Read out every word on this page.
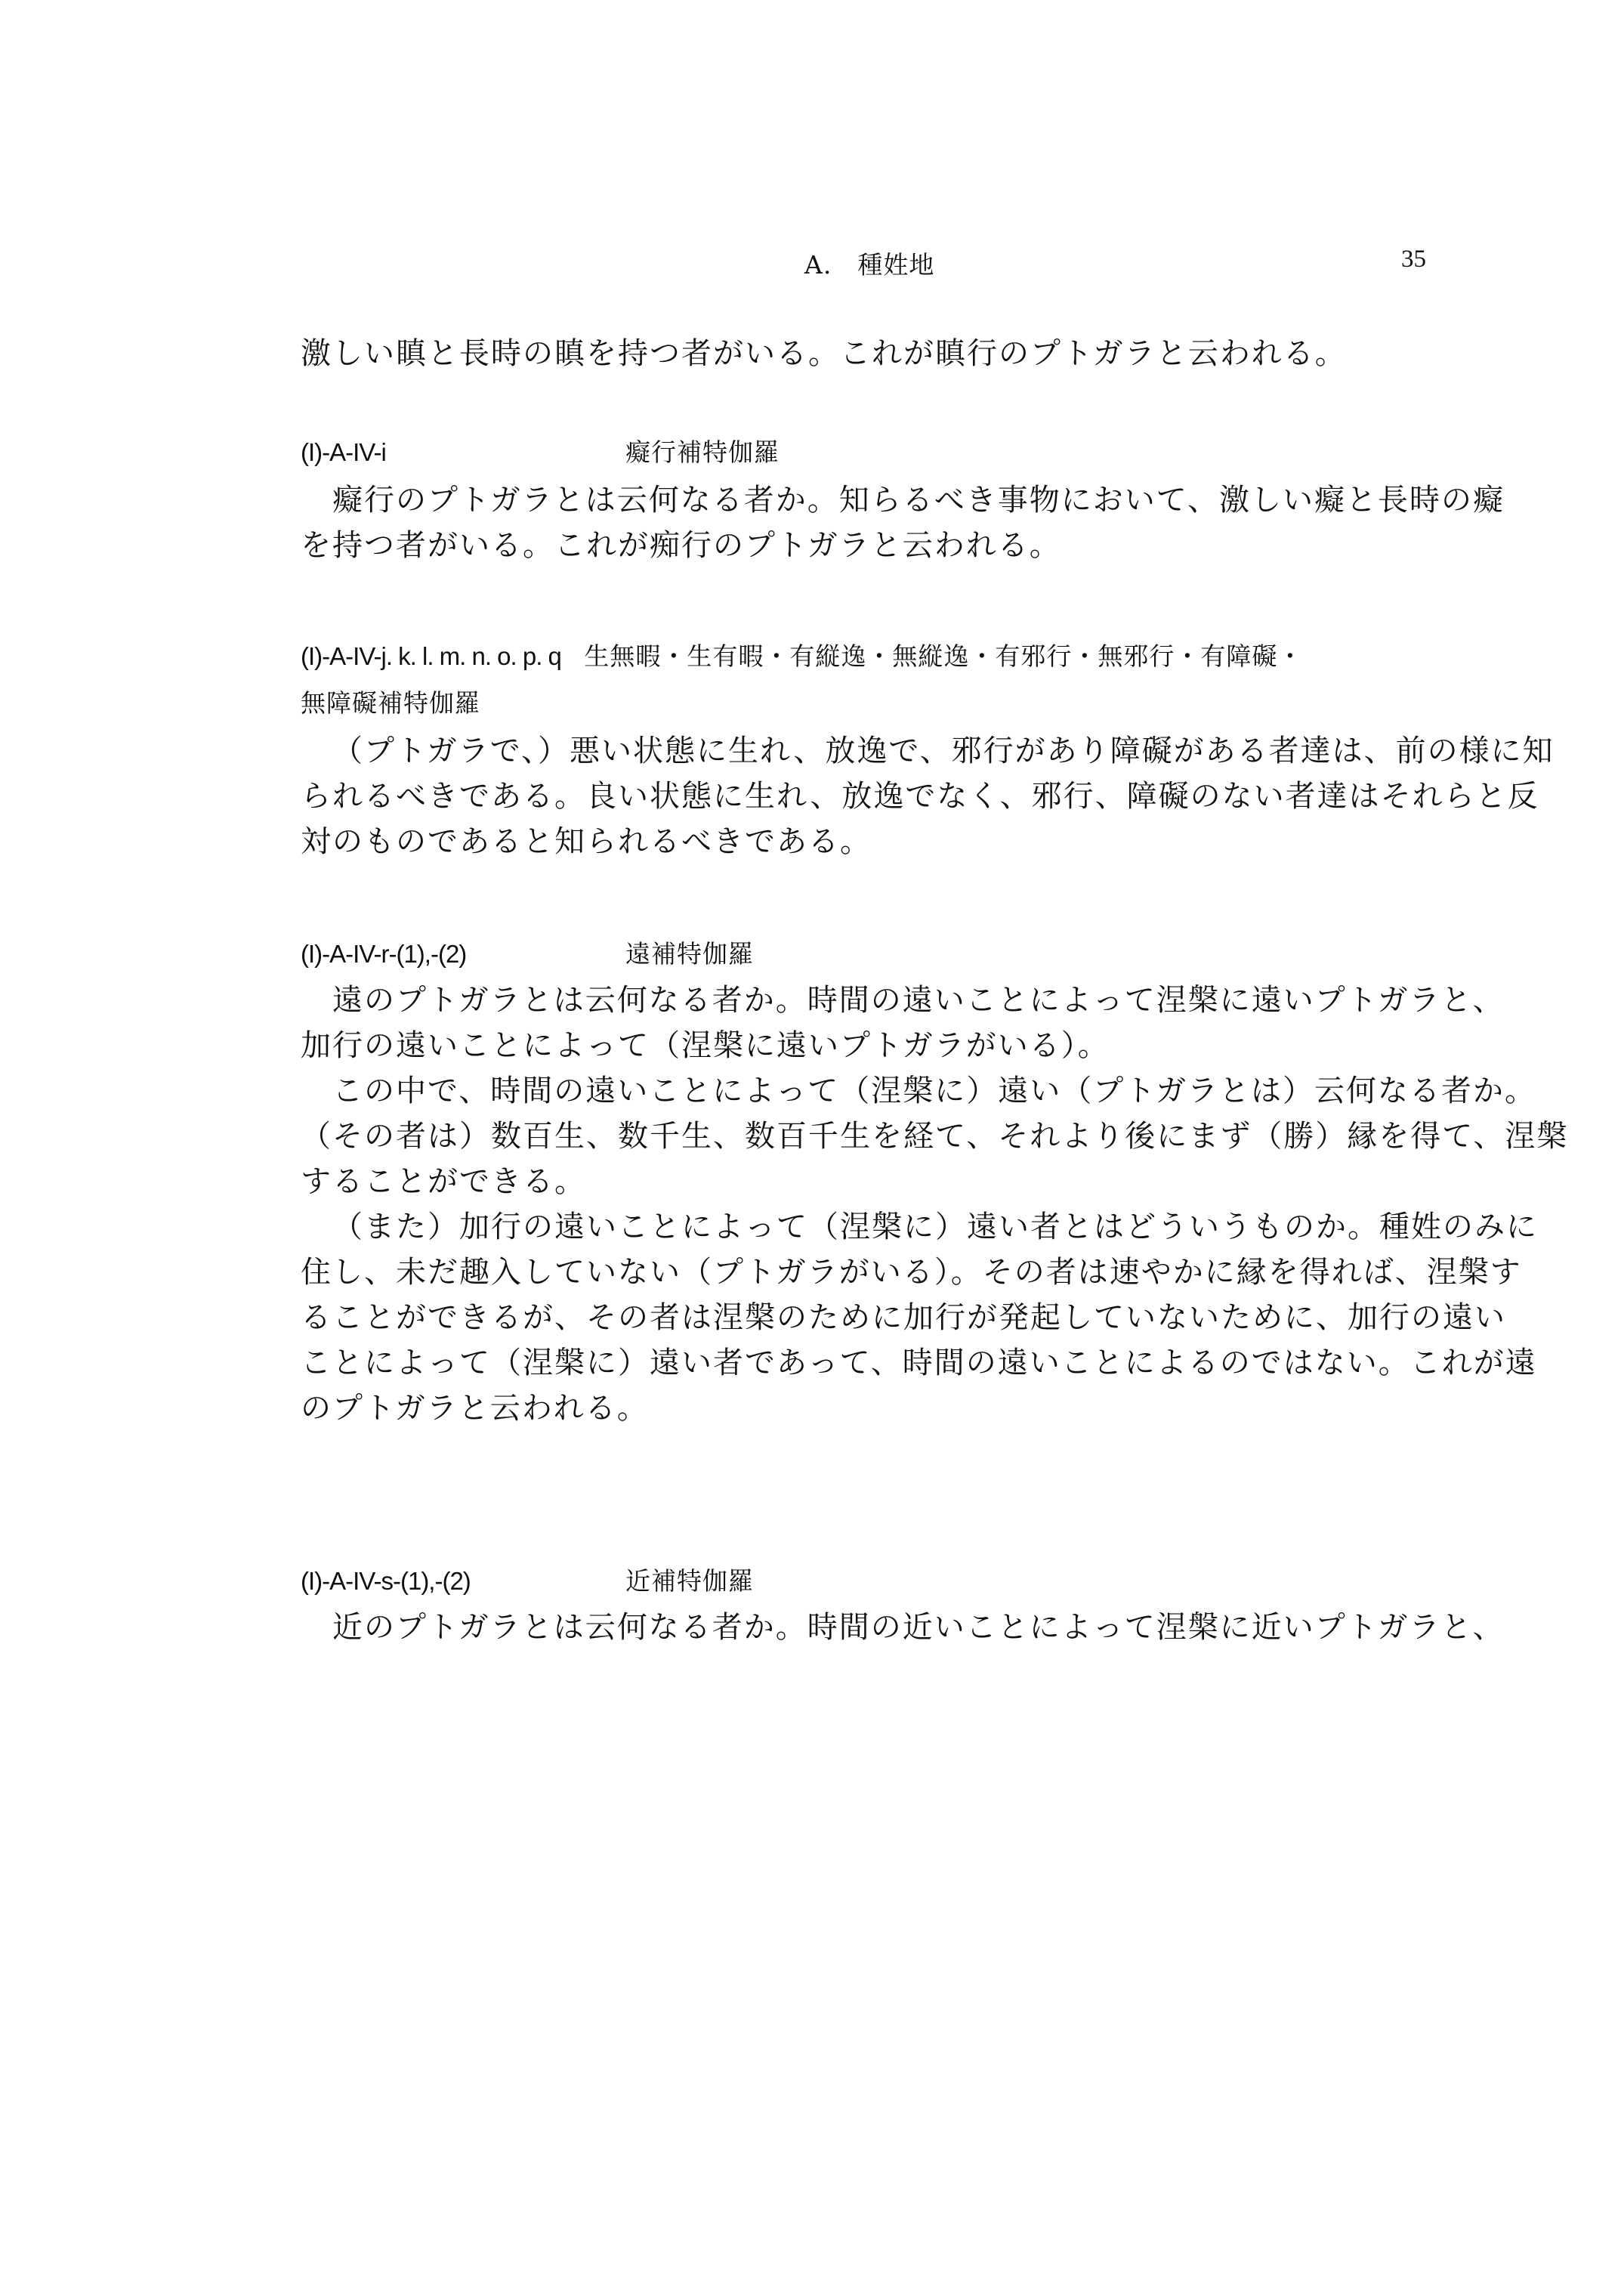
A.　種姓地	35
激しい瞋と長時の瞋を持つ者がいる。これが瞋行のプトガラと云われる。
(I)-A-IV-i	癡行補特伽羅
癡行のプトガラとは云何なる者か。知らるべき事物において、激しい癡と長時の癡
を持つ者がいる。これが痴行のプトガラと云われる。
(I)-A-IV-j. k. l. m. n. o. p. q 生無暇・生有暇・有縦逸・無縦逸・有邪行・無邪行・有障礙・
無障礙補特伽羅
（プトガラで、）悪い状態に生れ、放逸で、邪行があり障礙がある者達は、前の様に知
られるべきである。良い状態に生れ、放逸でなく、邪行、障礙のない者達はそれらと反
対のものであると知られるべきである。
(I)-A-IV-r-(1),-(2)	遠補特伽羅
遠のプトガラとは云何なる者か。時間の遠いことによって涅槃に遠いプトガラと、
加行の遠いことによって（涅槃に遠いプトガラがいる）。
この中で、時間の遠いことによって（涅槃に）遠い（プトガラとは）云何なる者か。
（その者は）数百生、数千生、数百千生を経て、それより後にまず（勝）縁を得て、涅槃
することができる。
（また）加行の遠いことによって（涅槃に）遠い者とはどういうものか。種姓のみに
住し、未だ趣入していない（プトガラがいる）。その者は速やかに縁を得れば、涅槃す
ることができるが、その者は涅槃のために加行が発起していないために、加行の遠い
ことによって（涅槃に）遠い者であって、時間の遠いことによるのではない。これが遠
のプトガラと云われる。
(I)-A-IV-s-(1),-(2)	近補特伽羅
近のプトガラとは云何なる者か。時間の近いことによって涅槃に近いプトガラと、
